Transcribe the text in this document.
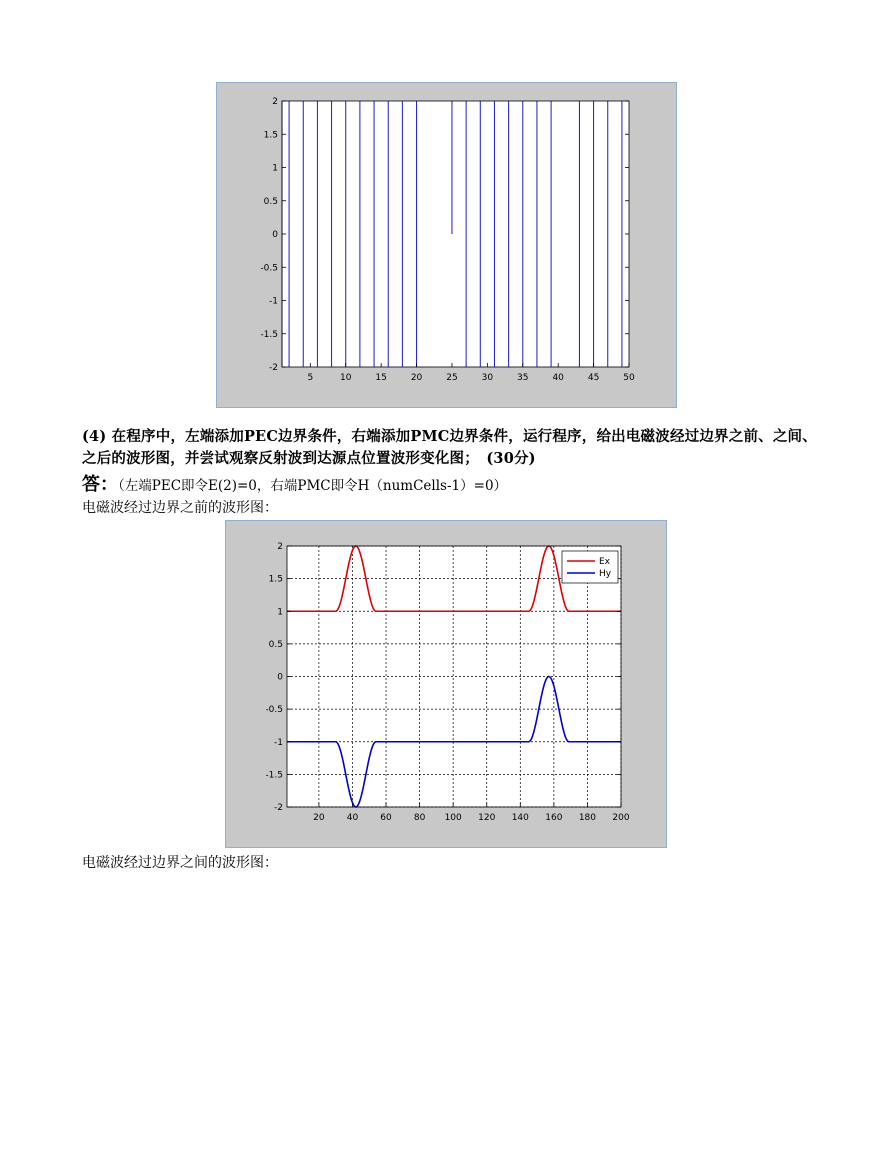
5	10	15	20	25	30	35	40	45	50
2
1.5
1
0.5
0
-0.5
-1
-1.5
-2
(4) 在程序中，左端添加PEC边界条件，右端添加PMC边界条件，运行程序，给出电磁波经过边界之前、之间、之后的波形图，并尝试观察反射波到达源点位置波形变化图；　(30分)
答：（左端PEC即令E(2)=0，右端PMC即令H（numCells-1）=0）
电磁波经过边界之前的波形图：
20 40 60 80 100 120 140 160 180 200
2
1.5
1
0.5
0
-0.5
-1
-1.5
-2
Ex
Hy
电磁波经过边界之间的波形图：
